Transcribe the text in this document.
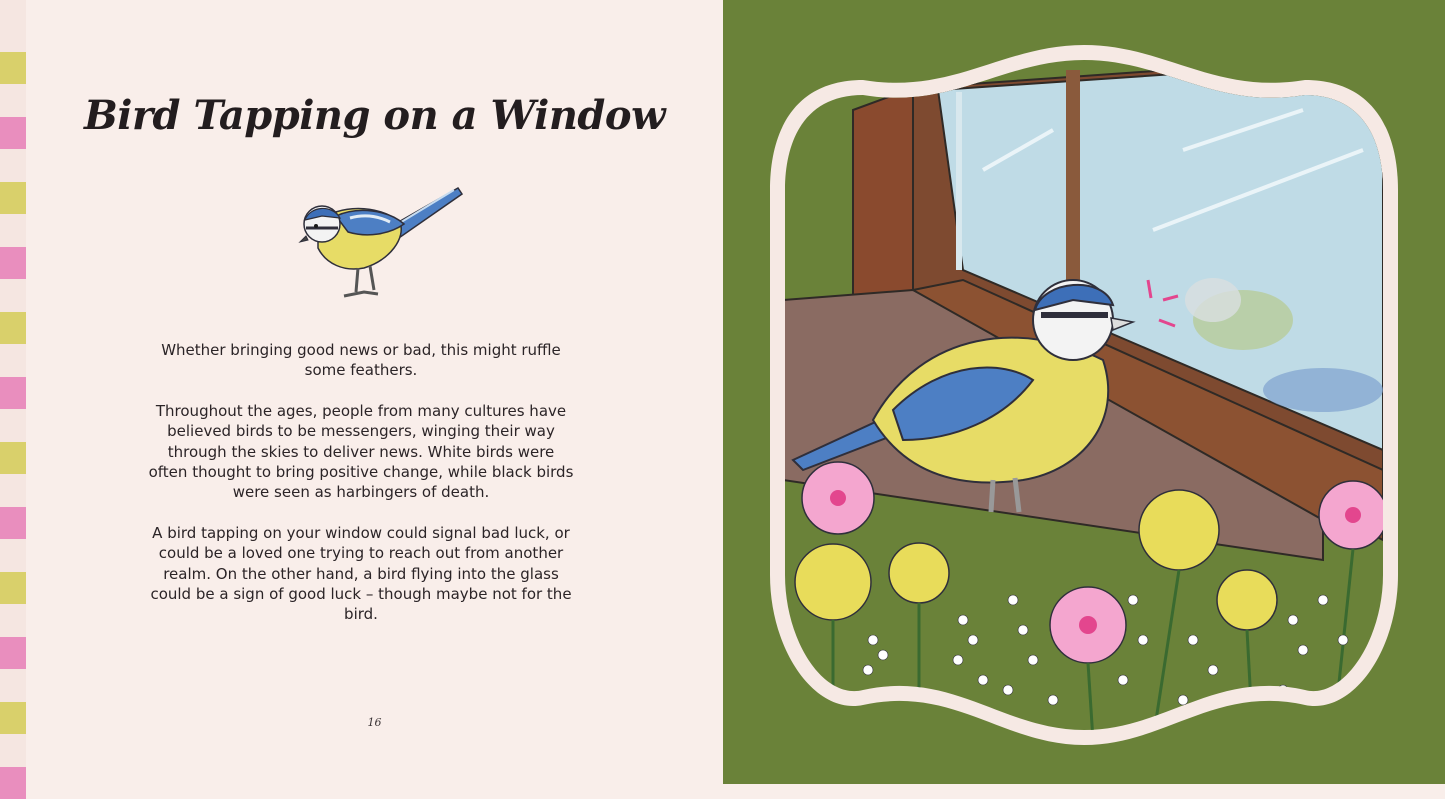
Bird Tapping on a Window

Whether bringing good news or bad, this might ruffle some feathers.

Throughout the ages, people from many cultures have believed birds to be messengers, winging their way through the skies to deliver news. White birds were often thought to bring positive change, while black birds were seen as harbingers of death.

A bird tapping on your window could signal bad luck, or could be a loved one trying to reach out from another realm. On the other hand, a bird flying into the glass could be a sign of good luck – though maybe not for the bird.

16
